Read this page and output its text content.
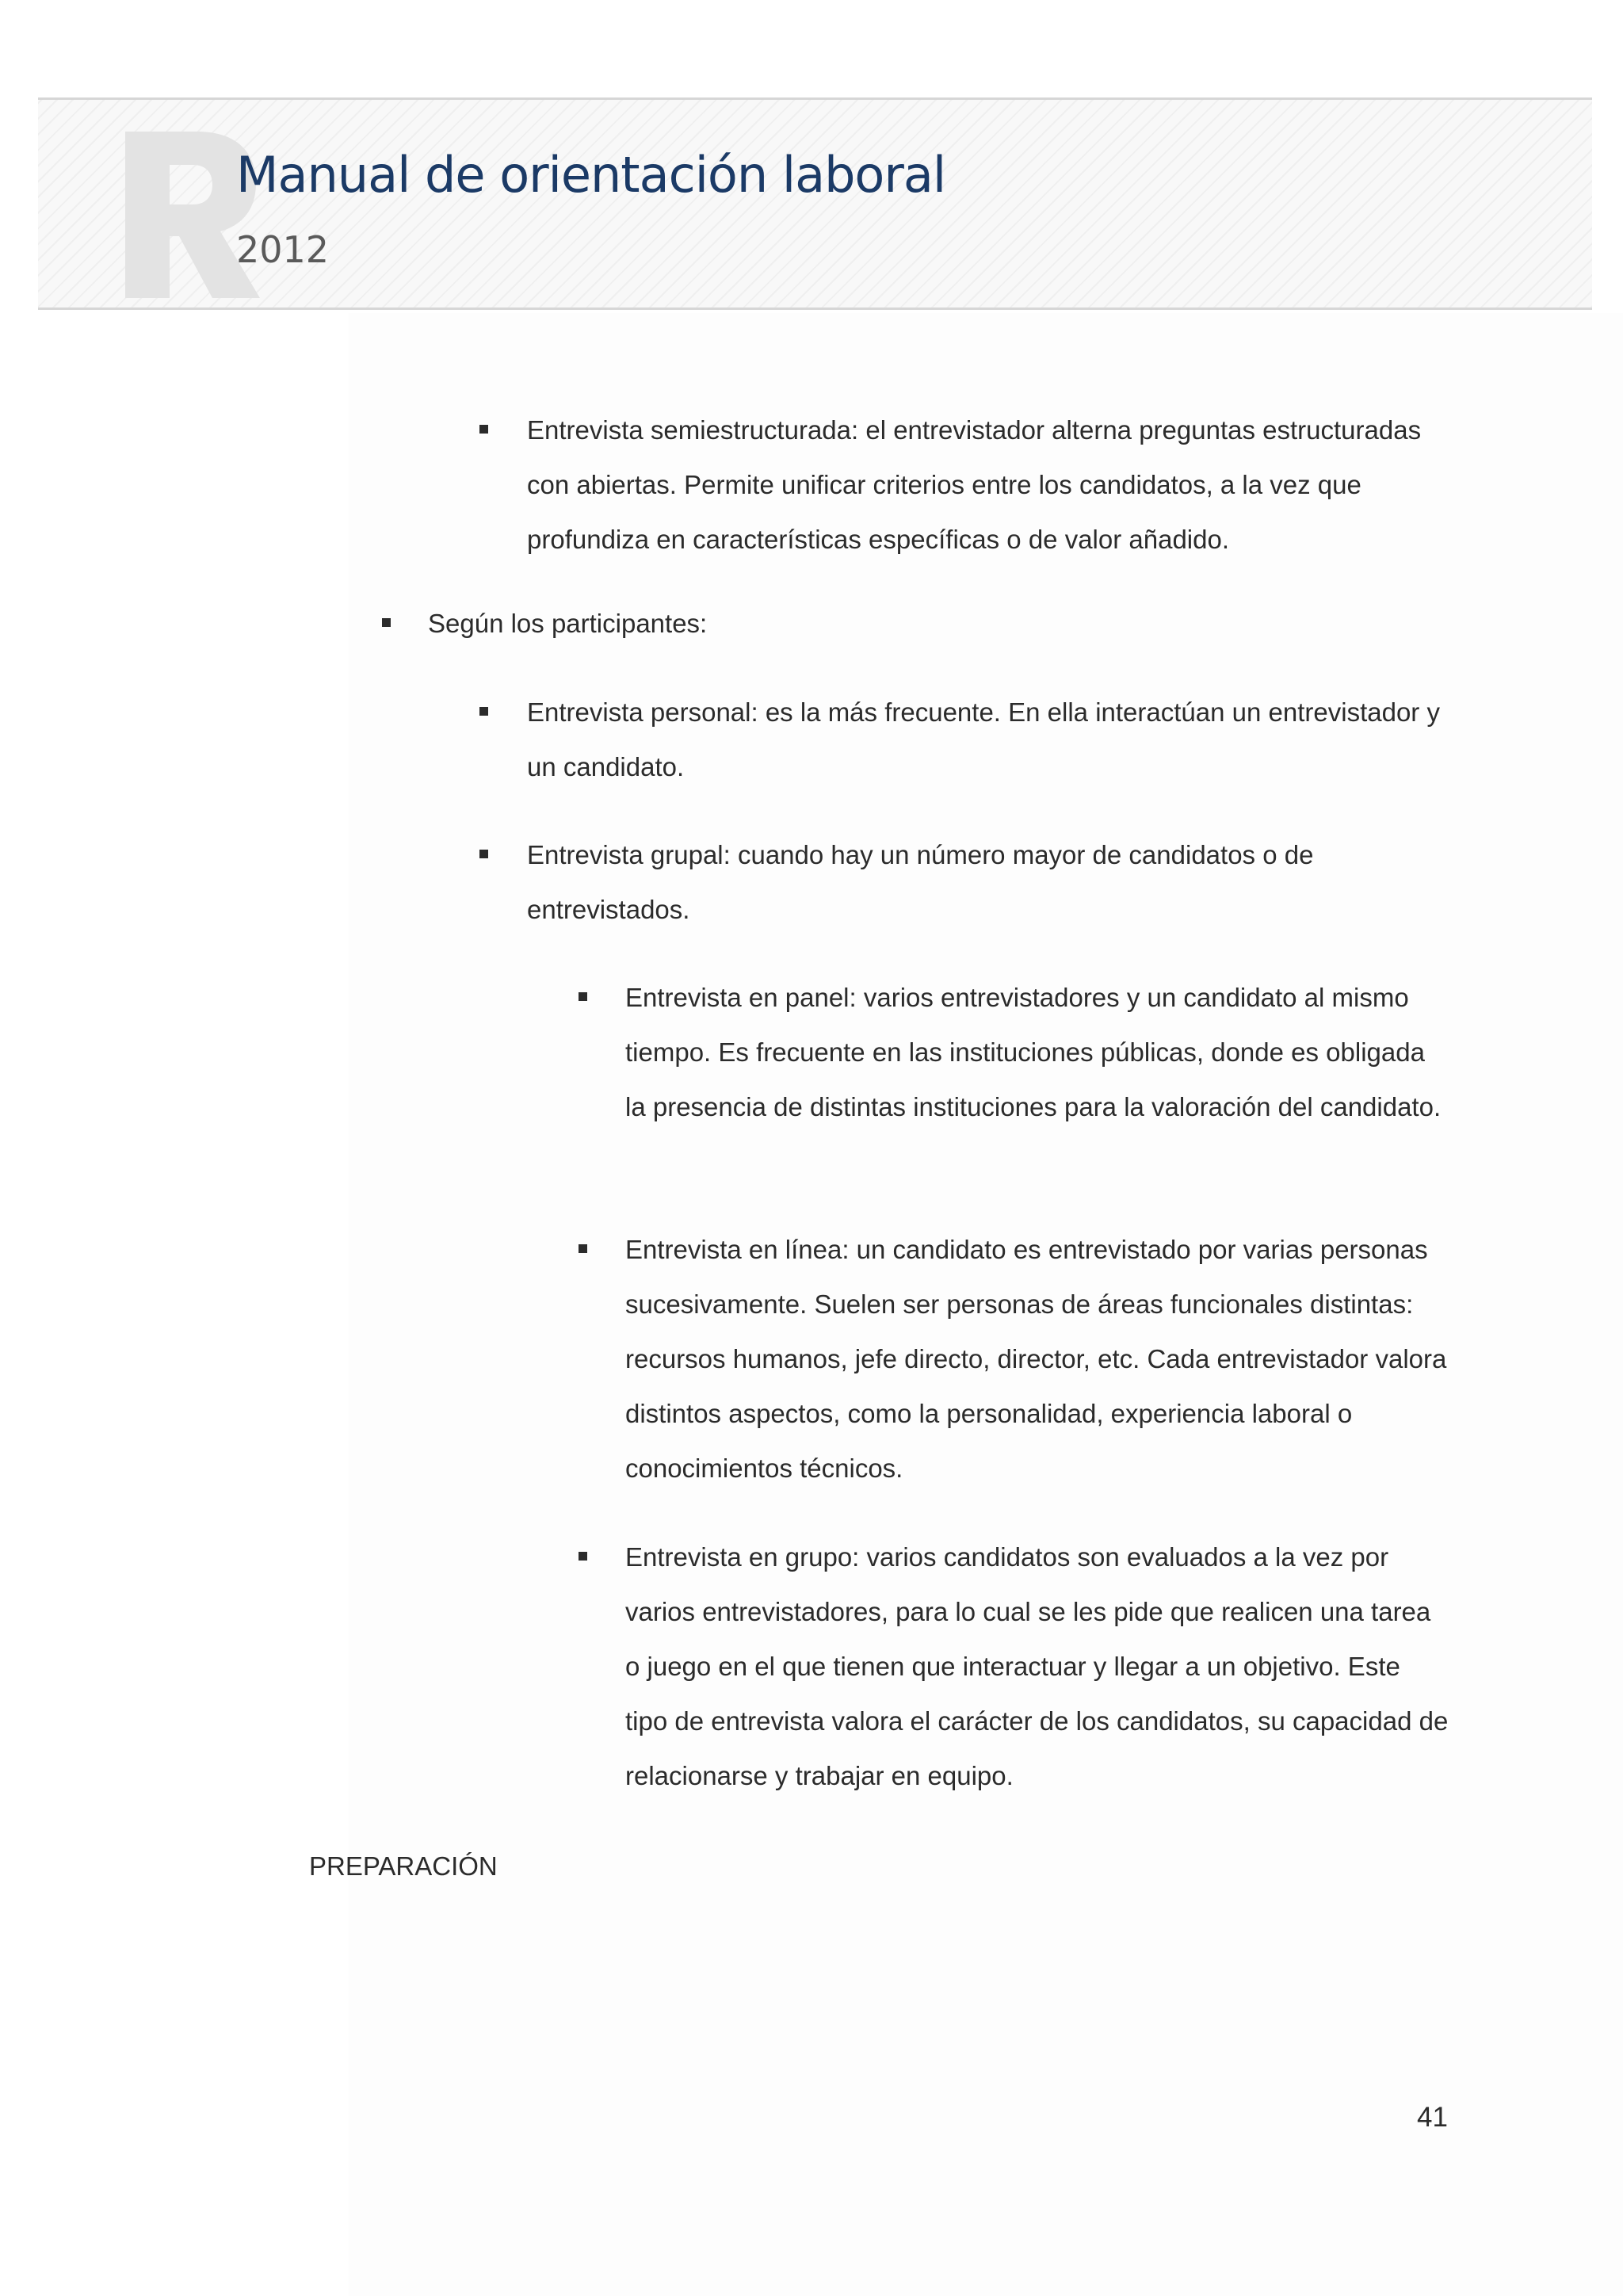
Manual de orientación laboral
2012
Entrevista semiestructurada: el entrevistador alterna preguntas estructuradas con abiertas. Permite unificar criterios entre los candidatos, a la vez que profundiza en características específicas o de valor añadido.
Según los participantes:
Entrevista personal: es la más frecuente. En ella interactúan un entrevistador y un candidato.
Entrevista grupal: cuando hay un número mayor de candidatos o de entrevistados.
Entrevista en panel: varios entrevistadores y un candidato al mismo tiempo. Es frecuente en las instituciones públicas, donde es obligada la presencia de distintas instituciones para la valoración del candidato.
Entrevista en línea: un candidato es entrevistado por varias personas sucesivamente. Suelen ser personas de áreas funcionales distintas: recursos humanos, jefe directo, director, etc. Cada entrevistador valora distintos aspectos, como la personalidad, experiencia laboral o conocimientos técnicos.
Entrevista en grupo: varios candidatos son evaluados a la vez por varios entrevistadores, para lo cual se les pide que realicen una tarea o juego en el que tienen que interactuar y llegar a un objetivo. Este tipo de entrevista valora el carácter de los candidatos, su capacidad de relacionarse y trabajar en equipo.
PREPARACIÓN
41
